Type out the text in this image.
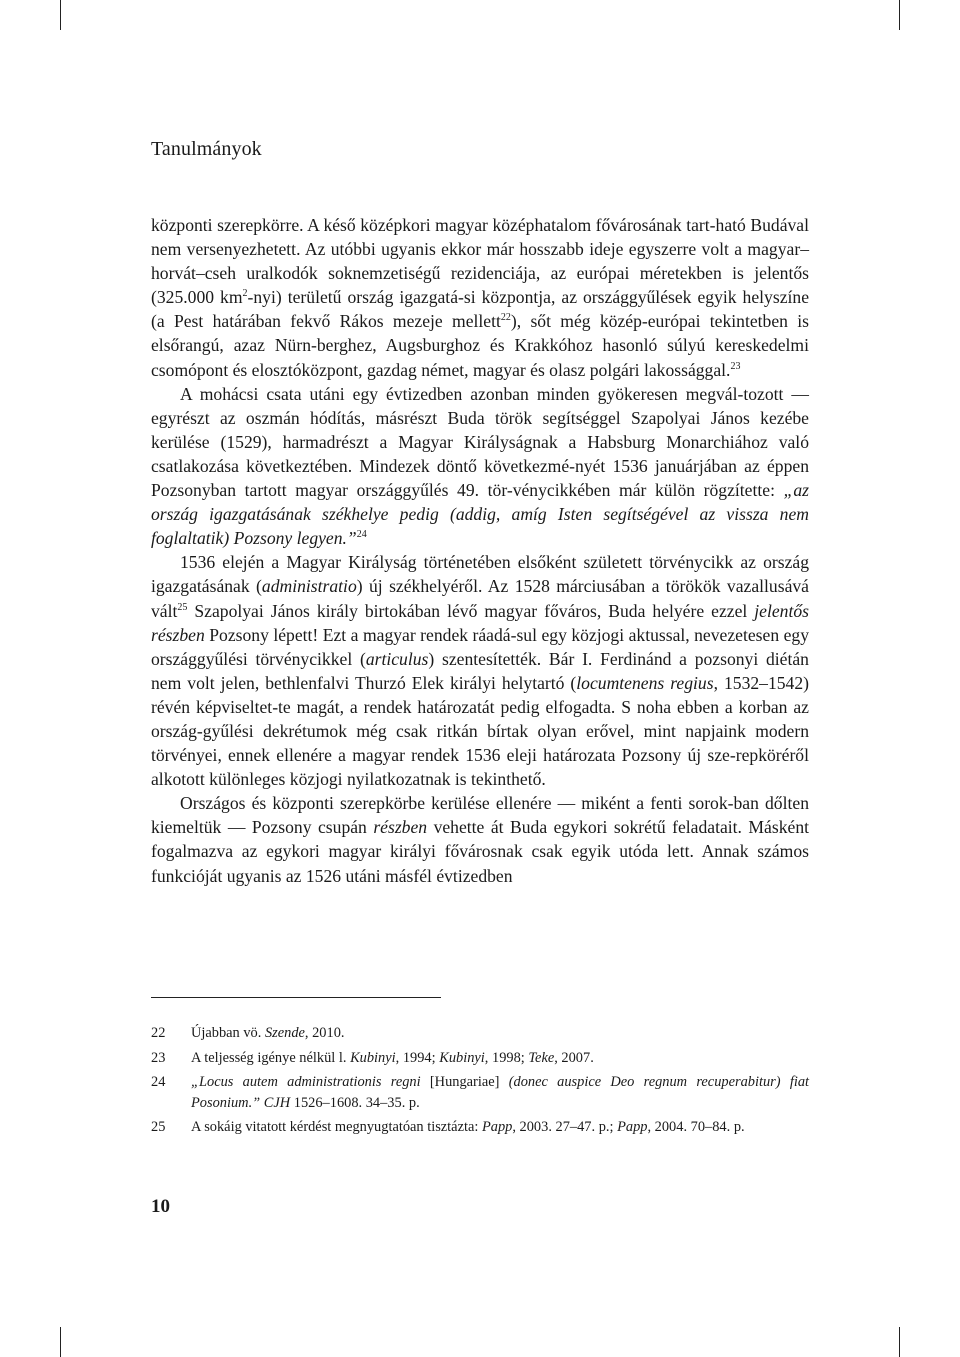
Tanulmányok

központi szerepkörre. A késő középkori magyar középhatalom fővárosának tart-ható Budával nem versenyezhetett. Az utóbbi ugyanis ekkor már hosszabb ideje egyszerre volt a magyar–horvát–cseh uralkodók soknemzetiségű rezidenciája, az európai méretekben is jelentős (325.000 $km^2-nyi$) területű ország igazgatá-si központja, az országgyűlések egyik helyszíne (a Pest határában fekvő Rákos mezeje mellett$^{22}$), sőt még közép-európai tekintetben is elsőrangú, azaz Nürn-berghez, Augsburghoz és Krakkóhoz hasonló súlyú kereskedelmi csomópont és elosztóközpont, gazdag német, magyar és olasz polgári lakossággal.$^{23}$

A mohácsi csata utáni egy évtizedben azonban minden gyökeresen megvál-tozott — egyrészt az oszmán hódítás, másrészt Buda török segítséggel Szapolyai János kezébe kerülése (1529), harmadrészt a Magyar Királyságnak a Habsburg Monarchiához való csatlakozása következtében. Mindezek döntő következmé-nyét 1536 januárjában az éppen Pozsonyban tartott magyar országgyűlés 49. tör-vénycikkében már külön rögzítette: „az ország igazgatásának székhelye pedig (addig, amíg Isten segítségével az vissza nem foglaltatik) Pozsony legyen.”$^{24}$

1536 elején a Magyar Királyság történetében elsőként született törvénycikk az ország igazgatásának (administratio) új székhelyéről. Az 1528 márciusában a törökök vazallusává vált$^{25}$ Szapolyai János király birtokában lévő magyar főváros, Buda helyére ezzel jelentős részben Pozsony lépett! Ezt a magyar rendek ráadá-sul egy közjogi aktussal, nevezetesen egy országgyűlési törvénycikkel (articulus) szentesítették. Bár I. Ferdinánd a pozsonyi diétán nem volt jelen, bethlenfalvi Thurzó Elek királyi helytartó (locumtenens regius, 1532–1542) révén képviseltet-te magát, a rendek határozatát pedig elfogadta. S noha ebben a korban az ország-gyűlési dekrétumok még csak ritkán bírtak olyan erővel, mint napjaink modern törvényei, ennek ellenére a magyar rendek 1536 eleji határozata Pozsony új sze-repköréről alkotott különleges közjogi nyilatkozatnak is tekinthető.

Országos és központi szerepkörbe kerülése ellenére — miként a fenti sorok-ban dőlten kiemeltük — Pozsony csupán részben vehette át Buda egykori sokrétű feladatait. Másként fogalmazva az egykori magyar királyi fővárosnak csak egyik utóda lett. Annak számos funkcióját ugyanis az 1526 utáni másfél évtizedben

22	Újabban vö. Szende, 2010.
23	A teljesség igénye nélkül l. Kubinyi, 1994; Kubinyi, 1998; Teke, 2007.
24	„Locus autem administrationis regni [Hungariae] (donec auspice Deo regnum recuperabitur) fiat Posonium.” CJH 1526–1608. 34–35. p.
25	A sokáig vitatott kérdést megnyugtatóan tisztázta: Papp, 2003. 27–47. p.; Papp, 2004. 70–84. p.
10
